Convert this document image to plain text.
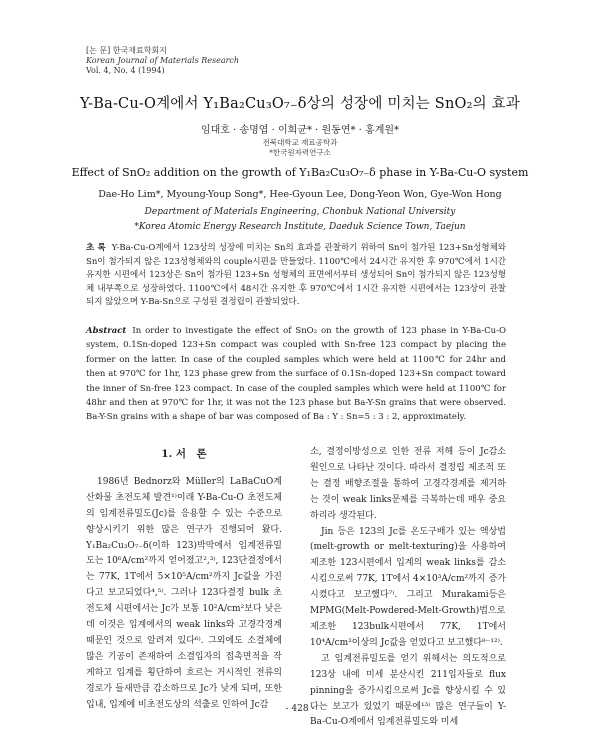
[논 문] 한국재료학회지
Korean Journal of Materials Research
Vol. 4, No. 4 (1994)
Y-Ba-Cu-O계에서 Y₁Ba₂Cu₃O₇₋δ상의 성장에 미치는 SnO₂의 효과
임대호 · 송명엽 · 이희균* · 원동연* · 홍계원*
전북대학교 재료공학과
*한국원자력연구소
Effect of SnO₂ addition on the growth of Y₁Ba₂Cu₃O₇₋δ phase in Y-Ba-Cu-O system
Dae-Ho Lim*, Myoung-Youp Song*, Hee-Gyoun Lee, Dong-Yeon Won, Gye-Won Hong
Department of Materials Engineering, Chonbuk National University
*Korea Atomic Energy Research Institute, Daeduk Science Town, Taejun
초 록 Y-Ba-Cu-O계에서 123상의 성장에 미치는 Sn의 효과를 관찰하기 위하여 Sn이 첨가된 123+Sn성형체와 Sn이 첨가되지 않은 123성형체와의 couple시편을 만들었다. 1100℃에서 24시간 유지한 후 970℃에서 1시간 유지한 시편에서 123상은 Sn이 첨가된 123+Sn 성형체의 표면에서부터 생성되어 Sn이 첨가되지 않은 123성형체 내부쪽으로 성장하였다. 1100℃에서 48시간 유지한 후 970℃에서 1시간 유지한 시편에서는 123상이 관찰되지 않았으며 Y-Ba-Sn으로 구성된 결정립이 관찰되었다.
Abstract In order to investigate the effect of SnO₂ on the growth of 123 phase in Y-Ba-Cu-O system, 0.1Sn-doped 123+Sn compact was coupled with Sn-free 123 compact by placing the former on the latter. In case of the coupled samples which were held at 1100℃ for 24hr and then at 970℃ for 1hr, 123 phase grew from the surface of 0.1Sn-doped 123+Sn compact toward the inner of Sn-free 123 compact. In case of the coupled samples which were held at 1100℃ for 48hr and then at 970℃ for 1hr, it was not the 123 phase but Ba-Y-Sn grains that were observed. Ba-Y-Sn grains with a shape of bar was composed of Ba : Y : Sn=5 : 3 : 2, approximately.
1. 서　론

1986년 Bednorz와 Müller의 LaBaCuO계 산화물 초전도체 발견¹⁾이래 Y-Ba-Cu-O 초전도체의 임계전류밀도(Jc)를 응용할 수 있는 수준으로 향상시키기 위한 많은 연구가 진행되어 왔다. Y₁Ba₂Cu₃O₇₋δ(이하 123)박막에서 임계전류밀도는 10⁶A/cm²까지 얻어졌고²,³⁾, 123단결정에서는 77K, 1T에서 5×10⁵A/cm²까지 Jc값을 가진다고 보고되었다⁴,⁵⁾. 그러나 123다결정 bulk 초전도체 시편에서는 Jc가 보통 10²A/cm²보다 낮은데 이것은 입계에서의 weak links와 고경각경계 때문인 것으로 알려져 있다⁶⁾. 그외에도 소결체에 많은 기공이 존재하여 소결입자의 접촉면적을 작게하고 입계를 횡단하여 흐르는 거시적인 전류의 경로가 들새만큼 감소하므로 Jc가 낮게 되며, 또한 입내, 입계에 비초전도상의 석출로 인하여 Jc감

소, 결정이방성으로 인한 전류 저해 등이 Jc감소 원인으로 나타난 것이다. 따라서 결정립 제조적 또는 결정 배향조절을 통하여 고경각경계를 제거하는 것이 weak links문제를 극복하는데 매우 중요하리라 생각된다.

Jin 등은 123의 Jc를 온도구배가 있는 액상법(melt-growth or melt-texturing)을 사용하여 제조한 123시편에서 입계의 weak links를 감소시킴으로써 77K, 1T에서 4×10³A/cm²까지 증가시켰다고 보고했다⁷⁾. 그리고 Murakami등은 MPMG(Melt-Powdered-Melt-Growth)법으로 제조한 123bulk시편에서 77K, 1T에서 10⁴A/cm²이상의 Jc값을 얻었다고 보고했다⁸⁻¹²⁾.

고 임계전류밀도를 얻기 위해서는 의도적으로 123상 내에 미세 분산시킨 211입자들로 flux pinning을 증가시킴으로써 Jc를 향상시킬 수 있다는 보고가 있었기 때문에¹³⁾ 많은 연구들이 Y-Ba-Cu-O계에서 임계전류밀도와 미세

- 428 -
